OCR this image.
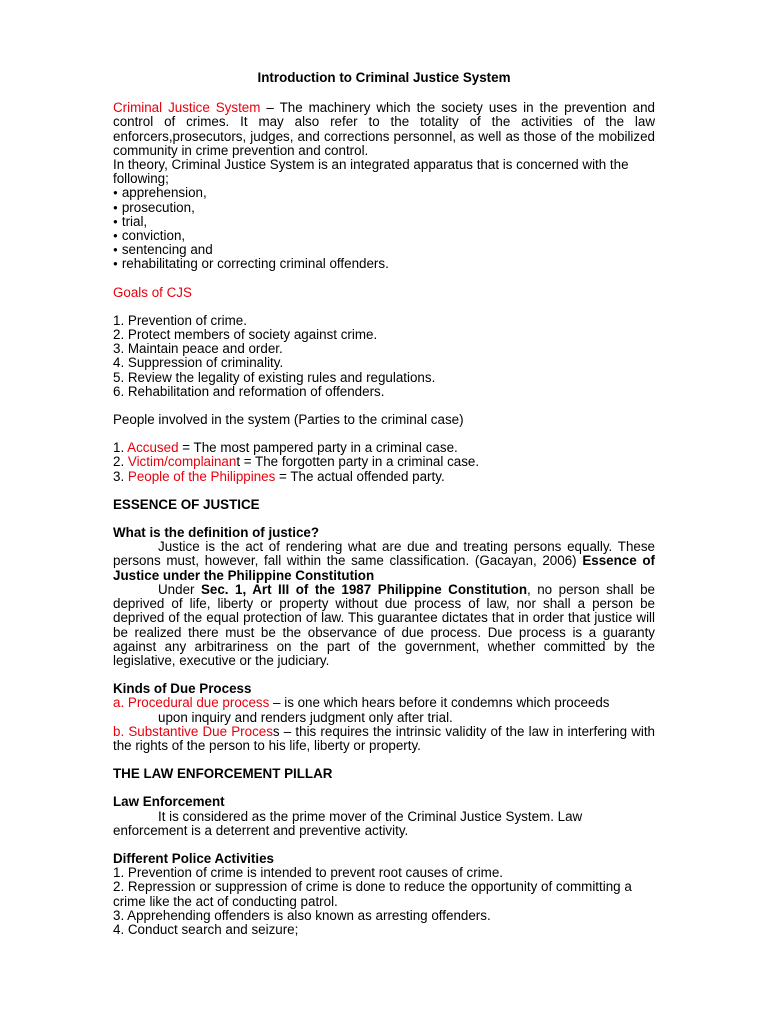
Introduction to Criminal Justice System

Criminal Justice System – The machinery which the society uses in the prevention and control of crimes. It may also refer to the totality of the activities of the law enforcers,prosecutors, judges, and corrections personnel, as well as those of the mobilized community in crime prevention and control.

In theory, Criminal Justice System is an integrated apparatus that is concerned with the following;

● apprehension,
● prosecution,
● trial,
● conviction,
● sentencing and
● rehabilitating or correcting criminal offenders.

Goals of CJS

1. Prevention of crime.

2. Protect members of society against crime.

3. Maintain peace and order.

4. Suppression of criminality.

5. Review the legality of existing rules and regulations.

6. Rehabilitation and reformation of offenders.

People involved in the system (Parties to the criminal case)

1. Accused = The most pampered party in a criminal case.

2. Victim/complainant = The forgotten party in a criminal case.

3. People of the Philippines = The actual offended party.

ESSENCE OF JUSTICE

What is the definition of justice?

Justice is the act of rendering what are due and treating persons equally. These persons must, however, fall within the same classification. (Gacayan, 2006) Essence of Justice under the Philippine Constitution

Under Sec. 1, Art III of the 1987 Philippine Constitution, no person shall be deprived of life, liberty or property without due process of law, nor shall a person be deprived of the equal protection of law. This guarantee dictates that in order that justice will be realized there must be the observance of due process. Due process is a guaranty against any arbitrariness on the part of the government, whether committed by the legislative, executive or the judiciary.

Kinds of Due Process

a. Procedural due process – is one which hears before it condemns which proceeds

upon inquiry and renders judgment only after trial.

b. Substantive Due Process – this requires the intrinsic validity of the law in interfering with the rights of the person to his life, liberty or property.

THE LAW ENFORCEMENT PILLAR

Law Enforcement

It is considered as the prime mover of the Criminal Justice System. Law enforcement is a deterrent and preventive activity.

Different Police Activities

1. Prevention of crime is intended to prevent root causes of crime.

2. Repression or suppression of crime is done to reduce the opportunity of committing a crime like the act of conducting patrol.

3. Apprehending offenders is also known as arresting offenders.

4. Conduct search and seizure;
